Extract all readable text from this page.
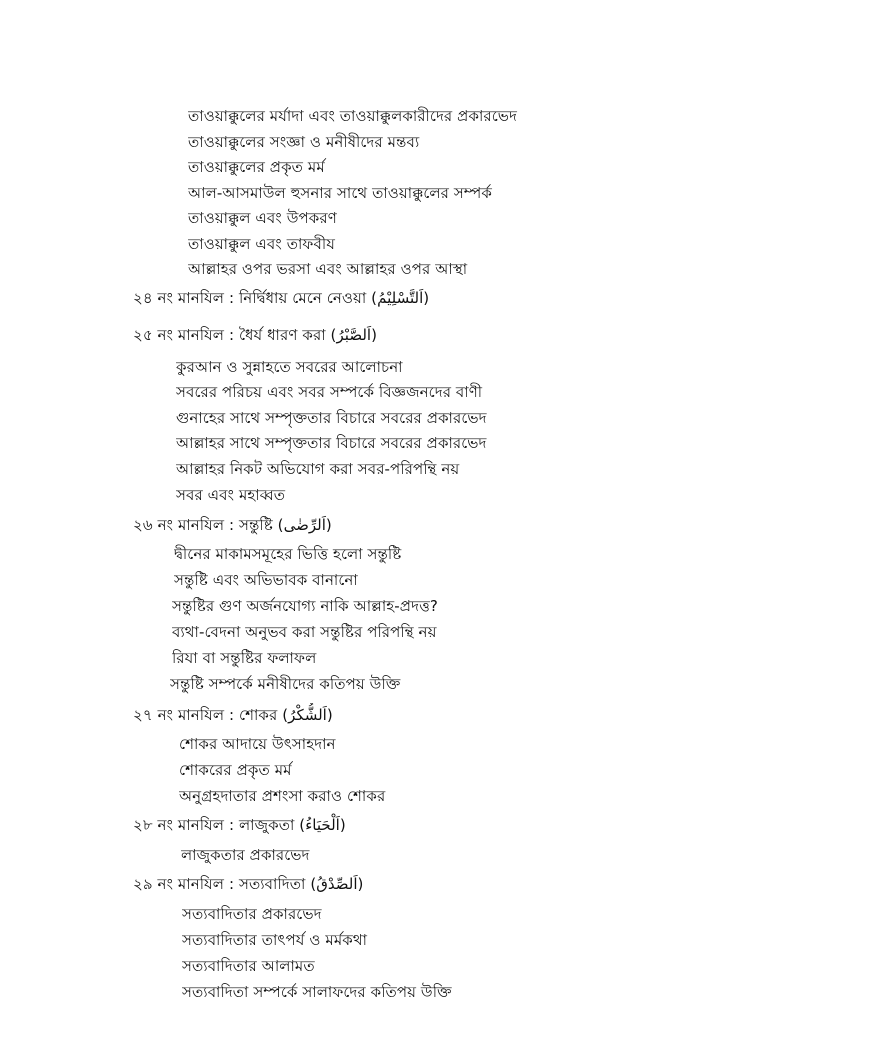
তাওয়াক্কুলের মর্যাদা এবং তাওয়াক্কুলকারীদের প্রকারভেদ
তাওয়াক্কুলের সংজ্ঞা ও মনীষীদের মন্তব্য
তাওয়াক্কুলের প্রকৃত মর্ম
আল-আসমাউল হুসনার সাথে তাওয়াক্কুলের সম্পর্ক
তাওয়াক্কুল এবং উপকরণ
তাওয়াক্কুল এবং তাফবীয
আল্লাহর ওপর ভরসা এবং আল্লাহর ওপর আস্থা
২৪ নং মানযিল : নির্দ্বিধায় মেনে নেওয়া (اَلتَّسْلِيْمُ)
২৫ নং মানযিল : ধৈর্য ধারণ করা (اَلصَّبْرُ)
কুরআন ও সুন্নাহতে সবরের আলোচনা
সবরের পরিচয় এবং সবর সম্পর্কে বিজ্ঞজনদের বাণী
গুনাহের সাথে সম্পৃক্ততার বিচারে সবরের প্রকারভেদ
আল্লাহর সাথে সম্পৃক্ততার বিচারে সবরের প্রকারভেদ
আল্লাহর নিকট অভিযোগ করা সবর-পরিপন্থি নয়
সবর এবং মহাব্বত
২৬ নং মানযিল : সন্তুষ্টি (اَلرِّضٰى)
দ্বীনের মাকামসমূহের ভিত্তি হলো সন্তুষ্টি
সন্তুষ্টি এবং অভিভাবক বানানো
সন্তুষ্টির গুণ অর্জনযোগ্য নাকি আল্লাহ-প্রদত্ত?
ব্যথা-বেদনা অনুভব করা সন্তুষ্টির পরিপন্থি নয়
রিযা বা সন্তুষ্টির ফলাফল
সন্তুষ্টি সম্পর্কে মনীষীদের কতিপয় উক্তি
২৭ নং মানযিল : শোকর (اَلشُّكْرُ)
শোকর আদায়ে উৎসাহদান
শোকরের প্রকৃত মর্ম
অনুগ্রহদাতার প্রশংসা করাও শোকর
২৮ নং মানযিল : লাজুকতা (اَلْحَيَاءُ)
লাজুকতার প্রকারভেদ
২৯ নং মানযিল : সত্যবাদিতা (اَلصِّدْقُ)
সত্যবাদিতার প্রকারভেদ
সত্যবাদিতার তাৎপর্য ও মর্মকথা
সত্যবাদিতার আলামত
সত্যবাদিতা সম্পর্কে সালাফদের কতিপয় উক্তি
